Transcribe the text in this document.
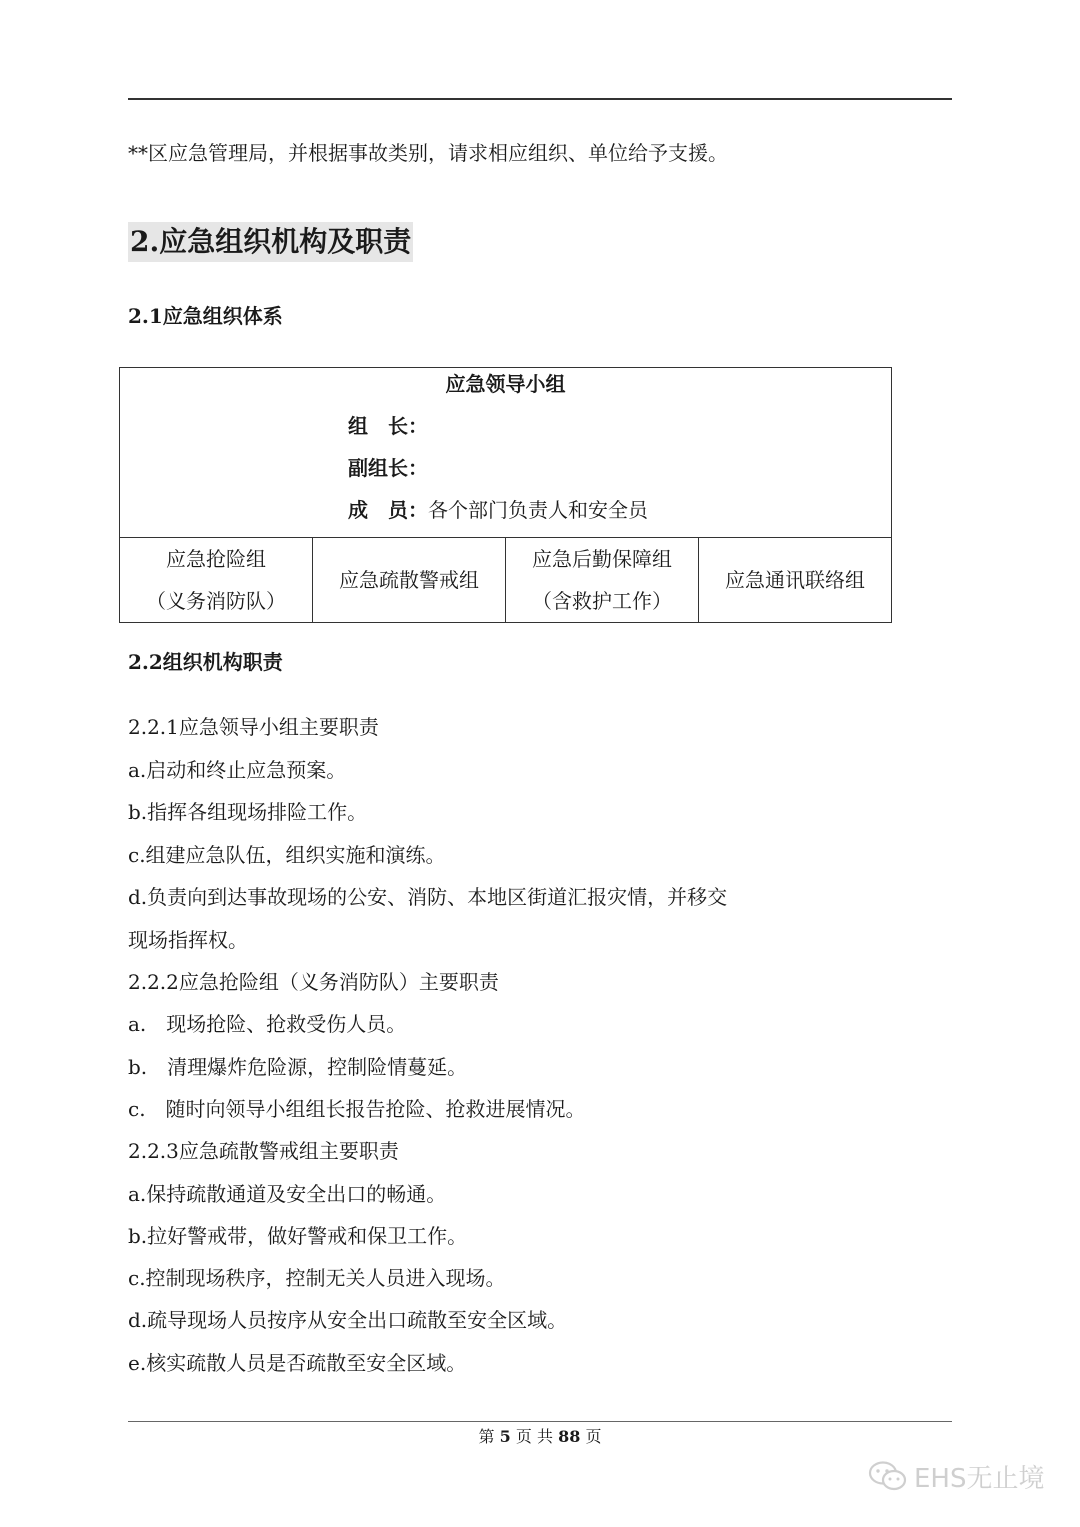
**区应急管理局，并根据事故类别，请求相应组织、单位给予支援。
2.应急组织机构及职责
2.1应急组织体系
应急领导小组
组　长：
副组长：
成　员：各个部门负责人和安全员
应急抢险组
（义务消防队）
应急疏散警戒组
应急后勤保障组
（含救护工作）
应急通讯联络组
2.2组织机构职责
2.2.1应急领导小组主要职责
a.启动和终止应急预案。
b.指挥各组现场排险工作。
c.组建应急队伍，组织实施和演练。
d.负责向到达事故现场的公安、消防、本地区街道汇报灾情，并移交
现场指挥权。
2.2.2应急抢险组（义务消防队）主要职责
a.　现场抢险、抢救受伤人员。
b.　清理爆炸危险源，控制险情蔓延。
c.　随时向领导小组组长报告抢险、抢救进展情况。
2.2.3应急疏散警戒组主要职责
a.保持疏散通道及安全出口的畅通。
b.拉好警戒带，做好警戒和保卫工作。
c.控制现场秩序，控制无关人员进入现场。
d.疏导现场人员按序从安全出口疏散至安全区域。
e.核实疏散人员是否疏散至安全区域。
第 5 页 共 88 页
EHS无止境
